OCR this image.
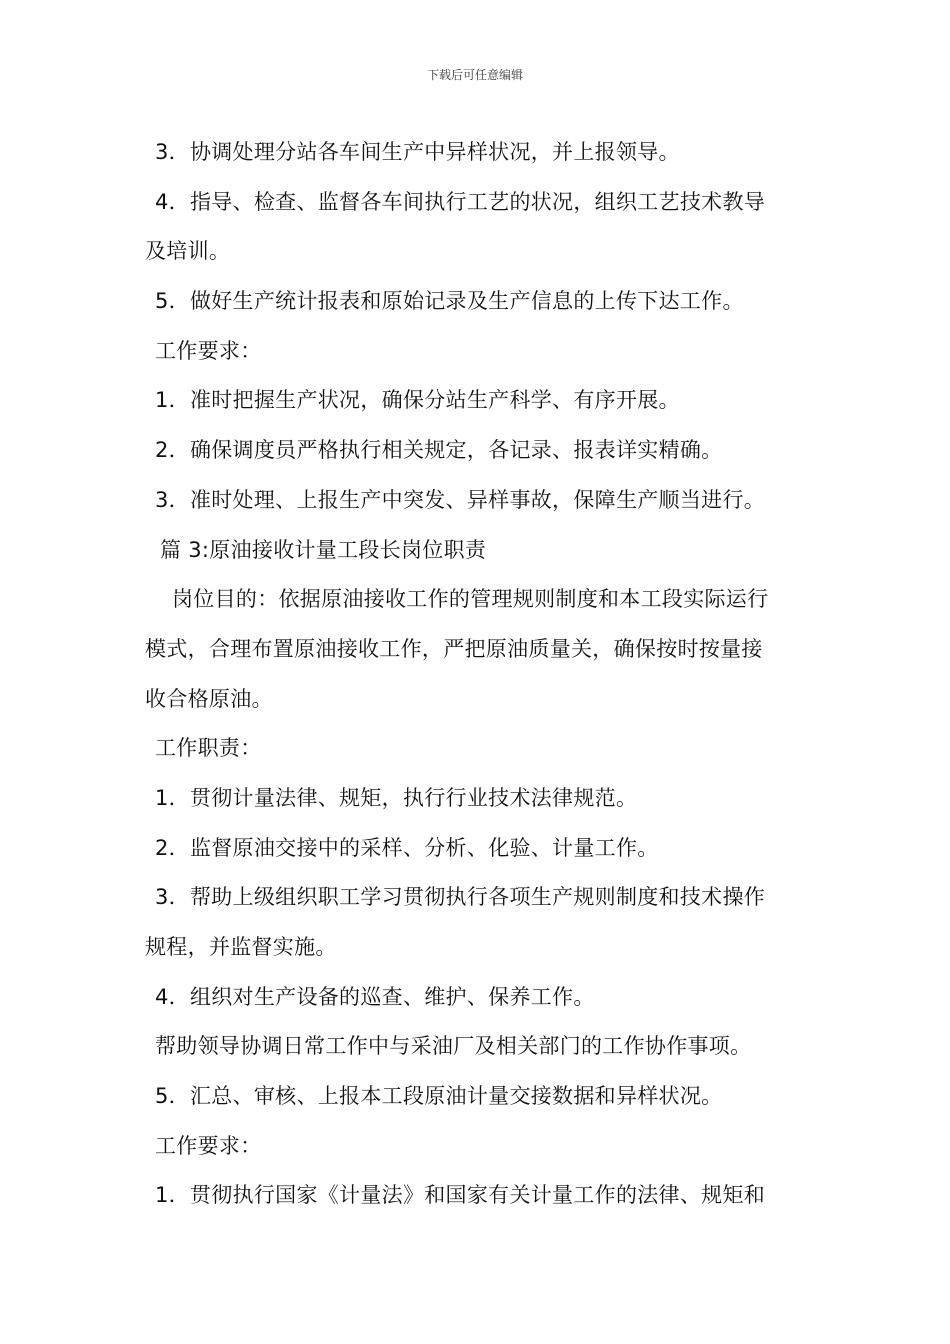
下载后可任意编辑
3．协调处理分站各车间生产中异样状况，并上报领导。
4．指导、检查、监督各车间执行工艺的状况，组织工艺技术教导
及培训。
5．做好生产统计报表和原始记录及生产信息的上传下达工作。
工作要求：
1．准时把握生产状况，确保分站生产科学、有序开展。
2．确保调度员严格执行相关规定，各记录、报表详实精确。
3．准时处理、上报生产中突发、异样事故，保障生产顺当进行。
篇 3:原油接收计量工段长岗位职责
岗位目的：依据原油接收工作的管理规则制度和本工段实际运行
模式，合理布置原油接收工作，严把原油质量关，确保按时按量接
收合格原油。
工作职责：
1．贯彻计量法律、规矩，执行行业技术法律规范。
2．监督原油交接中的采样、分析、化验、计量工作。
3．帮助上级组织职工学习贯彻执行各项生产规则制度和技术操作
规程，并监督实施。
4．组织对生产设备的巡查、维护、保养工作。
帮助领导协调日常工作中与采油厂及相关部门的工作协作事项。
5．汇总、审核、上报本工段原油计量交接数据和异样状况。
工作要求：
1．贯彻执行国家《计量法》和国家有关计量工作的法律、规矩和
